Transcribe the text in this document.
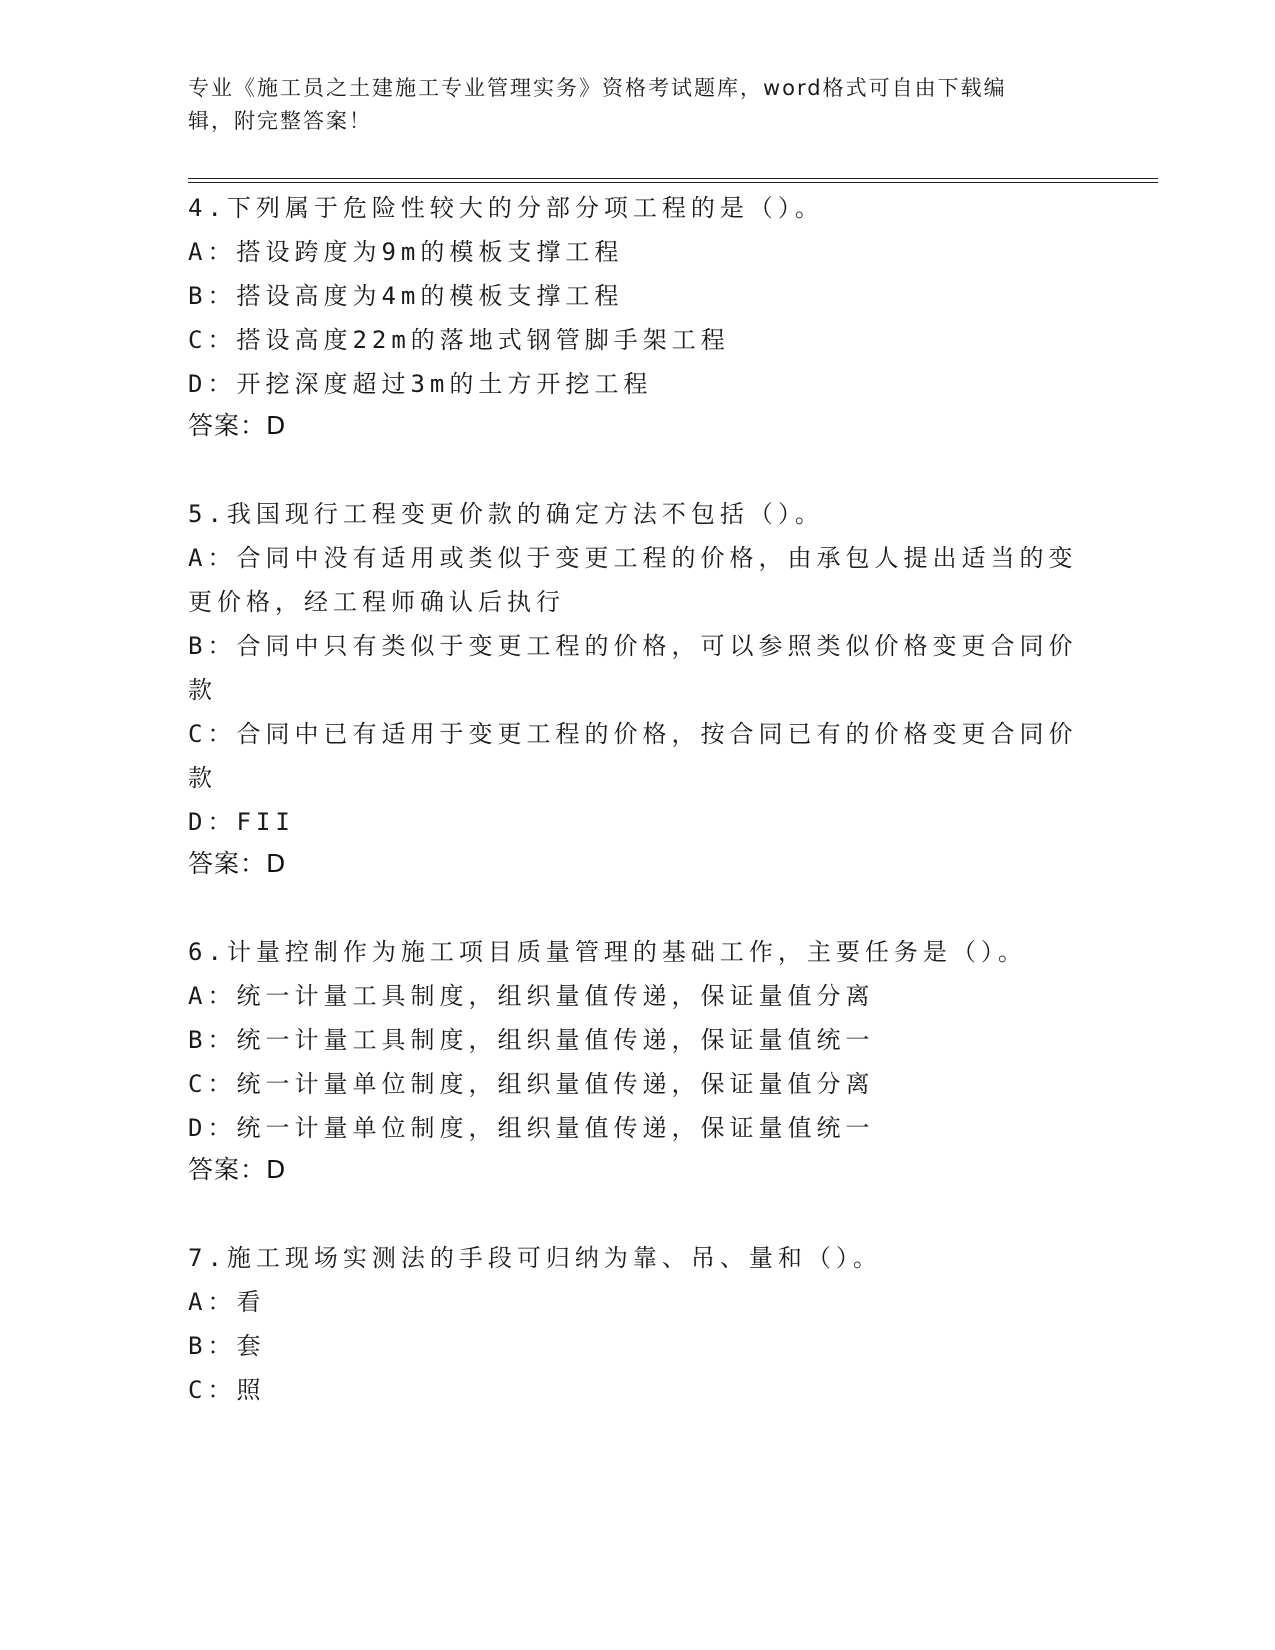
专业《施工员之土建施工专业管理实务》资格考试题库，word格式可自由下载编
辑，附完整答案！
4.下列属于危险性较大的分部分项工程的是（）。
A：搭设跨度为9m的模板支撑工程
B：搭设高度为4m的模板支撑工程
C：搭设高度22m的落地式钢管脚手架工程
D：开挖深度超过3m的土方开挖工程
答案：D
5.我国现行工程变更价款的确定方法不包括（）。
A：合同中没有适用或类似于变更工程的价格，由承包人提出适当的变
更价格，经工程师确认后执行
B：合同中只有类似于变更工程的价格，可以参照类似价格变更合同价
款
C：合同中已有适用于变更工程的价格，按合同已有的价格变更合同价
款
D：FII
答案：D
6.计量控制作为施工项目质量管理的基础工作，主要任务是（）。
A：统一计量工具制度，组织量值传递，保证量值分离
B：统一计量工具制度，组织量值传递，保证量值统一
C：统一计量单位制度，组织量值传递，保证量值分离
D：统一计量单位制度，组织量值传递，保证量值统一
答案：D
7.施工现场实测法的手段可归纳为靠、吊、量和（）。
A：看
B：套
C：照
